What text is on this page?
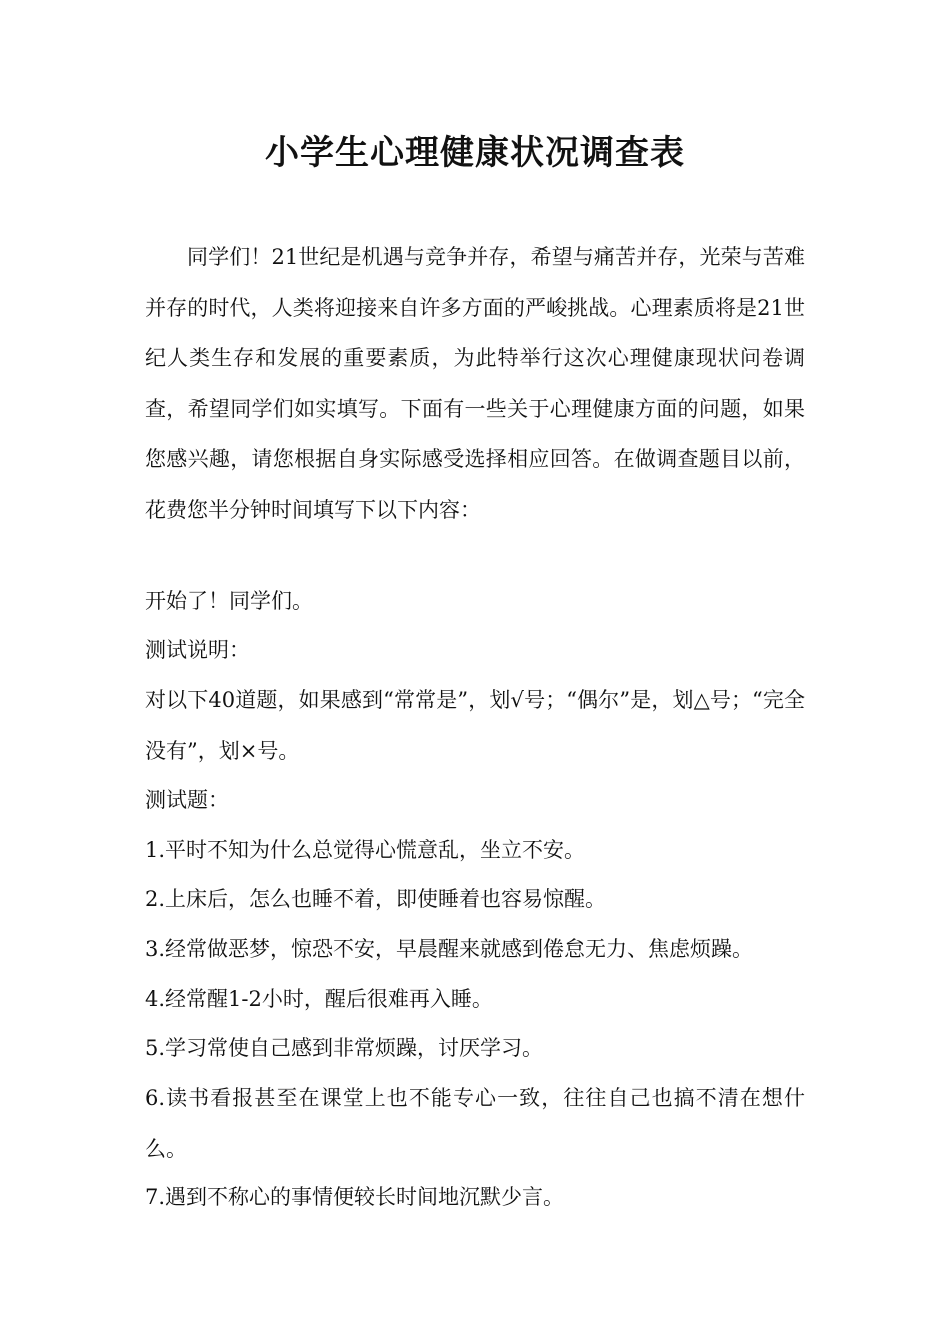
小学生心理健康状况调查表

同学们！21世纪是机遇与竞争并存，希望与痛苦并存，光荣与苦难并存的时代，人类将迎接来自许多方面的严峻挑战。心理素质将是21世纪人类生存和发展的重要素质，为此特举行这次心理健康现状问卷调查，希望同学们如实填写。下面有一些关于心理健康方面的问题，如果您感兴趣，请您根据自身实际感受选择相应回答。在做调查题目以前，花费您半分钟时间填写下以下内容：

开始了！同学们。

测试说明：

对以下40道题，如果感到“常常是”，划√号；“偶尔”是，划△号；“完全没有”，划×号。

测试题：

1.平时不知为什么总觉得心慌意乱，坐立不安。

2.上床后，怎么也睡不着，即使睡着也容易惊醒。

3.经常做恶梦，惊恐不安，早晨醒来就感到倦怠无力、焦虑烦躁。

4.经常醒1-2小时，醒后很难再入睡。

5.学习常使自己感到非常烦躁，讨厌学习。

6.读书看报甚至在课堂上也不能专心一致，往往自己也搞不清在想什么。

7.遇到不称心的事情便较长时间地沉默少言。
